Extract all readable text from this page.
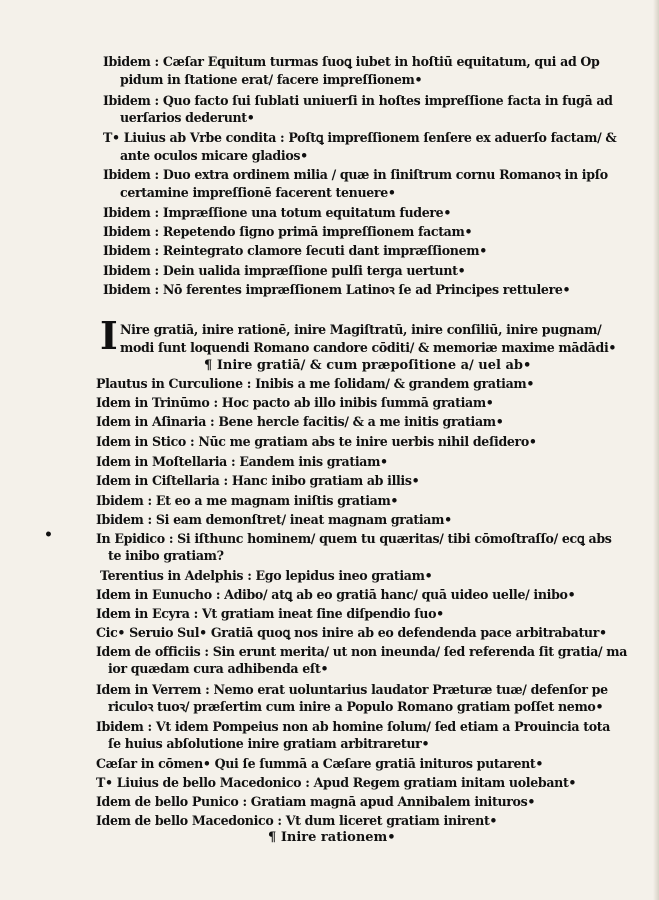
Ibidem : Cæſar Equitum turmas ſuoꝗ iubet in hoſtiū equitatum, qui ad Op
pidum in ſtatione erat/ facere impreſſionem•
Ibidem : Quo facto ſui ſublati uniuerſi in hoſtes impreſſione facta in fugā ad
uerſarios dederunt•
T• Liuius ab Vrbe condita : Poſtꝗ impreſſionem ſenſere ex aduerſo factam/ &
ante oculos micare gladios•
Ibidem : Duo extra ordinem milia / quæ in ſiniſtrum cornu Romanoꝛ in ipſo
certamine impreſſionē facerent tenuere•
Ibidem : Impræſſione una totum equitatum fudere•
Ibidem : Repetendo ſigno primā impreſſionem factam•
Ibidem : Reintegrato clamore ſecuti dant impræſſionem•
Ibidem : Dein ualida impræſſione pulſi terga uertunt•
Ibidem : Nō ferentes impræſſionem Latinoꝛ ſe ad Principes rettulere•
I Nire gratiā, inire rationē, inire Magiſtratū, inire conſiliū, inire pugnam/
modi ſunt loquendi Romano candore cōditi/ & memoriæ maxime mādādi•
¶ Inire gratiā/ & cum præpoſitione a/ uel ab•
Plautus in Curculione : Inibis a me ſolidam/ & grandem gratiam•
Idem in Trinūmo : Hoc pacto ab illo inibis ſummā gratiam•
Idem in Aſinaria : Bene hercle facitis/ & a me initis gratiam•
Idem in Stico : Nūc me gratiam abs te inire uerbis nihil deſidero•
Idem in Moſtellaria : Eandem inis gratiam•
Idem in Ciſtellaria : Hanc inibo gratiam ab illis•
Ibidem : Et eo a me magnam iniſtis gratiam•
Ibidem : Si eam demonſtret/ ineat magnam gratiam•
In Epidico : Si iſthunc hominem/ quem tu quæritas/ tibi cōmoſtraſſo/ ecꝗ abs
te inibo gratiam?
Terentius in Adelphis : Ego lepidus ineo gratiam•
Idem in Eunucho : Adibo/ atꝗ ab eo gratiā hanc/ quā uideo uelle/ inibo•
Idem in Ecyra : Vt gratiam ineat ſine diſpendio ſuo•
Cic• Seruio Sul• Gratiā quoꝗ nos inire ab eo defendenda pace arbitrabatur•
Idem de officiis : Sin erunt merita/ ut non ineunda/ ſed referenda ſit gratia/ ma
ior quædam cura adhibenda eſt•
Idem in Verrem : Nemo erat uoluntarius laudator Præturæ tuæ/ defenſor pe
riculoꝛ tuoꝛ/ præſertim cum inire a Populo Romano gratiam poſſet nemo•
Ibidem : Vt idem Pompeius non ab homine ſolum/ ſed etiam a Prouincia tota
ſe huius abſolutione inire gratiam arbitraretur•
Cæſar in cōmen• Qui ſe ſummā a Cæſare gratiā inituros putarent•
T• Liuius de bello Macedonico : Apud Regem gratiam initam uolebant•
Idem de bello Punico : Gratiam magnā apud Annibalem inituros•
Idem de bello Macedonico : Vt dum liceret gratiam inirent•
¶ Inire rationem•
•
